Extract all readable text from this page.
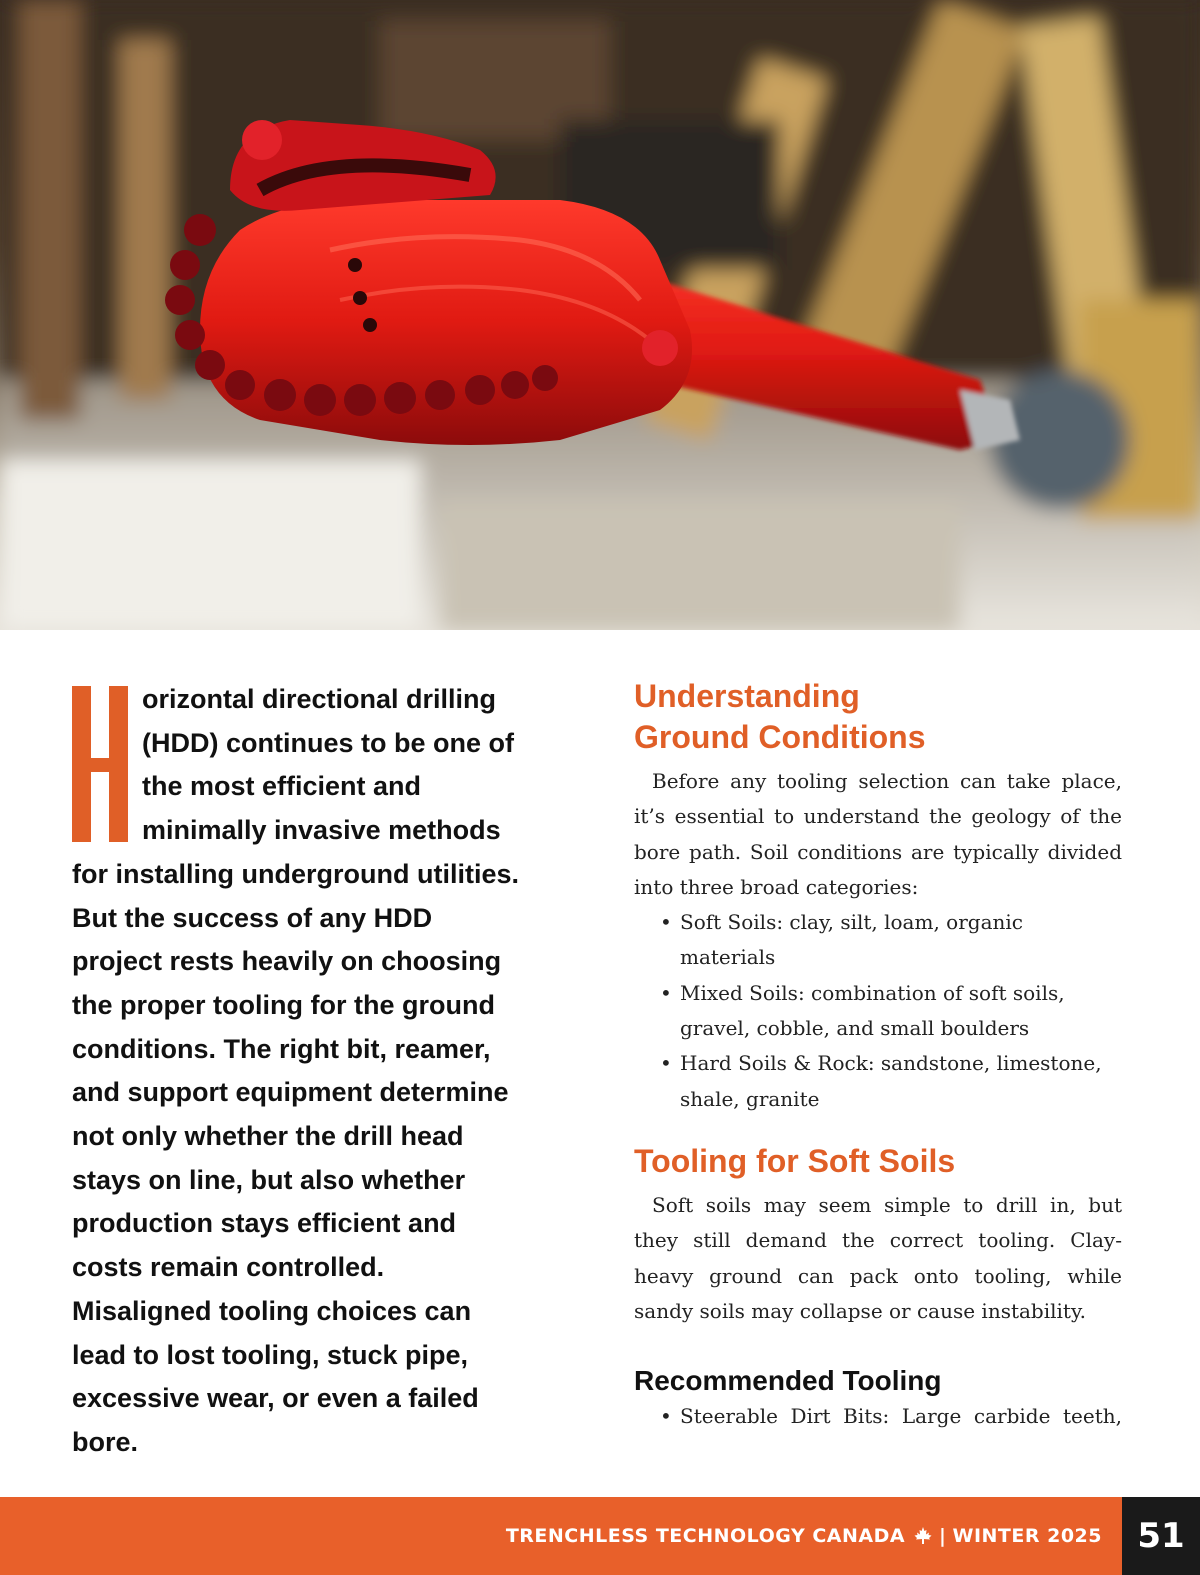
orizontal directional drilling (HDD) continues to be one of the most efficient and minimally invasive methods for installing underground utilities. But the success of any HDD project rests heavily on choosing the proper tooling for the ground conditions. The right bit, reamer, and support equipment determine not only whether the drill head stays on line, but also whether production stays efficient and costs remain controlled. Misaligned tooling choices can lead to lost tooling, stuck pipe, excessive wear, or even a failed bore.

Understanding
Ground Conditions

Before any tooling selection can take place, it’s essential to understand the geology of the bore path. Soil conditions are typically divided into three broad categories:

• Soft Soils: clay, silt, loam, organic materials
• Mixed Soils: combination of soft soils, gravel, cobble, and small boulders
• Hard Soils & Rock: sandstone, limestone, shale, granite
Tooling for Soft Soils

Soft soils may seem simple to drill in, but they still demand the correct tooling. Clay-heavy ground can pack onto tooling, while sandy soils may collapse or cause instability.

Recommended Tooling
• Steerable Dirt Bits: Large carbide teeth,
TRENCHLESS TECHNOLOGY CANADA | WINTER 2025	51
